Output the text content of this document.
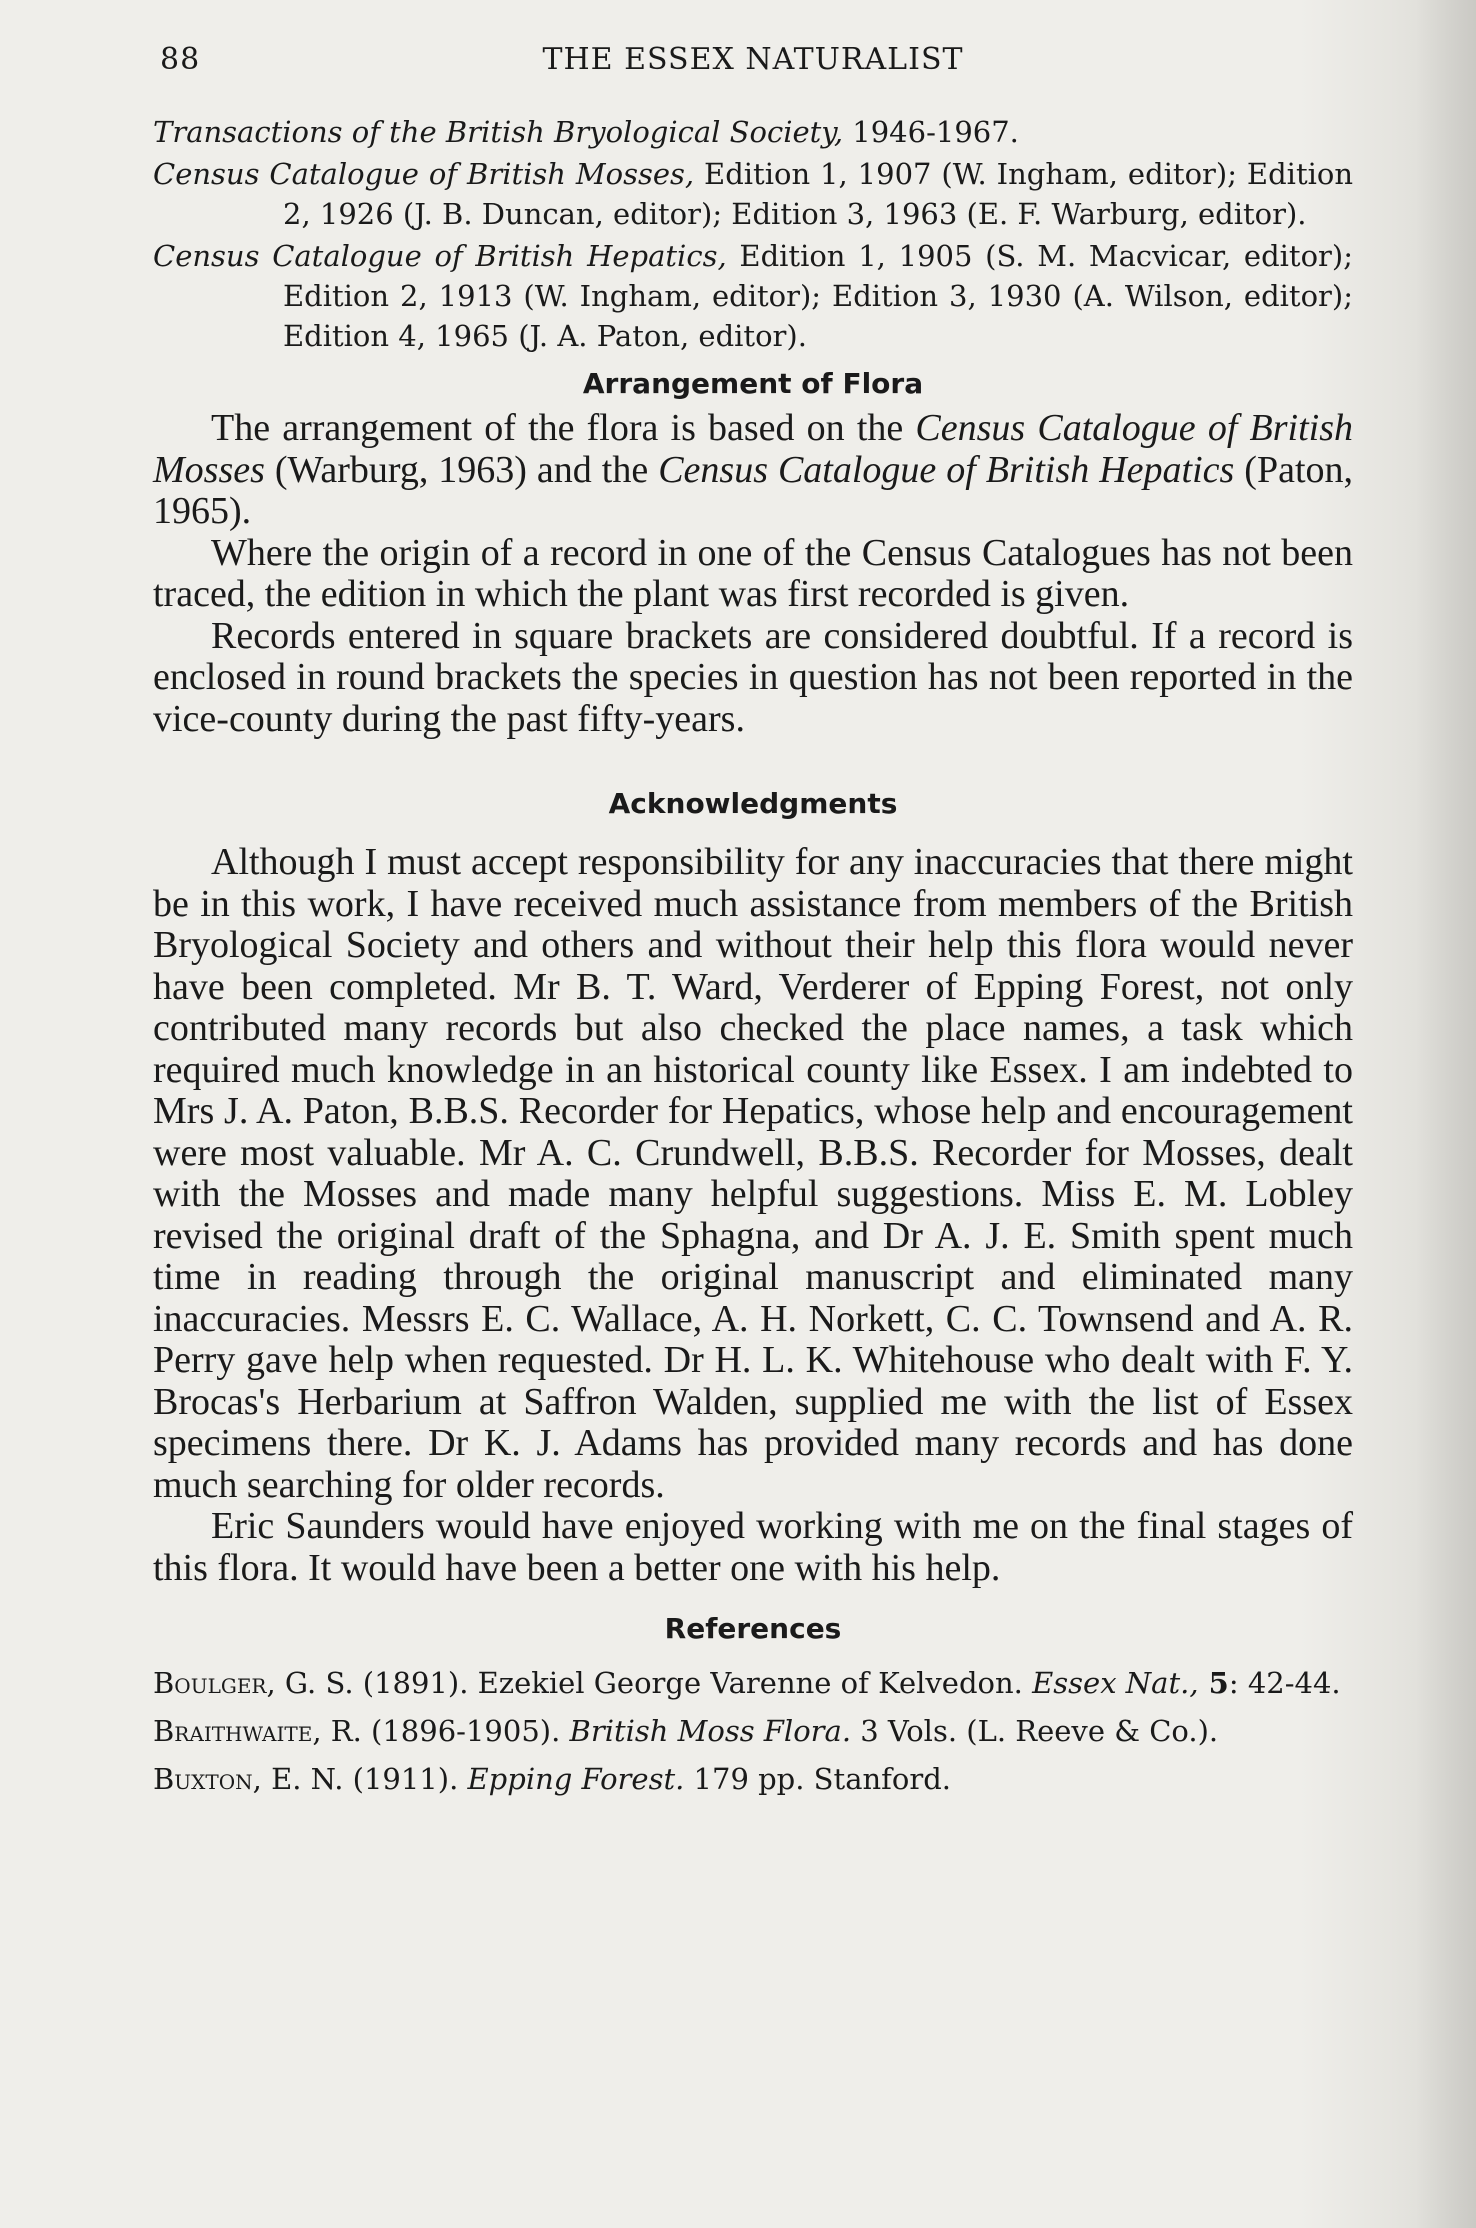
88	THE ESSEX NATURALIST

Transactions of the British Bryological Society, 1946-1967.

Census Catalogue of British Mosses, Edition 1, 1907 (W. Ingham, editor); Edition 2, 1926 (J. B. Duncan, editor); Edition 3, 1963 (E. F. Warburg, editor).

Census Catalogue of British Hepatics, Edition 1, 1905 (S. M. Macvicar, editor); Edition 2, 1913 (W. Ingham, editor); Edition 3, 1930 (A. Wilson, editor); Edition 4, 1965 (J. A. Paton, editor).

Arrangement of Flora

The arrangement of the flora is based on the Census Catalogue of British Mosses (Warburg, 1963) and the Census Catalogue of British Hepatics (Paton, 1965).

Where the origin of a record in one of the Census Catalogues has not been traced, the edition in which the plant was first recorded is given.

Records entered in square brackets are considered doubtful. If a record is enclosed in round brackets the species in question has not been reported in the vice-county during the past fifty-years.

Acknowledgments

Although I must accept responsibility for any inaccuracies that there might be in this work, I have received much assistance from members of the British Bryological Society and others and without their help this flora would never have been completed. Mr B. T. Ward, Verderer of Epping Forest, not only contributed many records but also checked the place names, a task which required much knowledge in an historical county like Essex. I am indebted to Mrs J. A. Paton, B.B.S. Recorder for Hepatics, whose help and encouragement were most valuable. Mr A. C. Crundwell, B.B.S. Recorder for Mosses, dealt with the Mosses and made many helpful suggestions. Miss E. M. Lobley revised the original draft of the Sphagna, and Dr A. J. E. Smith spent much time in reading through the original manuscript and eliminated many inaccuracies. Messrs E. C. Wallace, A. H. Norkett, C. C. Townsend and A. R. Perry gave help when requested. Dr H. L. K. Whitehouse who dealt with F. Y. Brocas's Herbarium at Saffron Walden, supplied me with the list of Essex specimens there. Dr K. J. Adams has provided many records and has done much searching for older records.

Eric Saunders would have enjoyed working with me on the final stages of this flora. It would have been a better one with his help.

References

Boulger, G. S. (1891). Ezekiel George Varenne of Kelvedon. Essex Nat., 5: 42-44.

Braithwaite, R. (1896-1905). British Moss Flora. 3 Vols. (L. Reeve & Co.).

Buxton, E. N. (1911). Epping Forest. 179 pp. Stanford.
